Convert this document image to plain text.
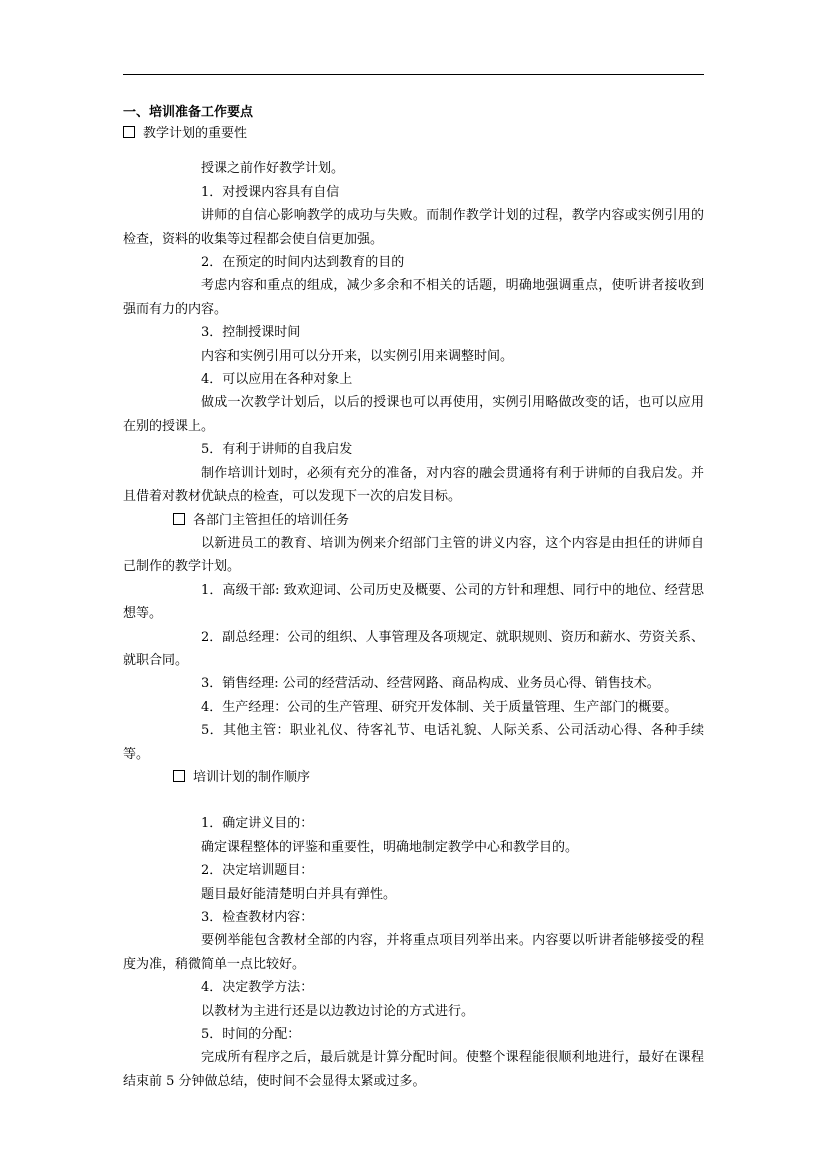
一、培训准备工作要点

教学计划的重要性

授课之前作好教学计划。

1．对授课内容具有自信

讲师的自信心影响教学的成功与失败。而制作教学计划的过程，教学内容或实例引用的检查，资料的收集等过程都会使自信更加强。

2．在预定的时间内达到教育的目的

考虑内容和重点的组成，减少多余和不相关的话题，明确地强调重点，使听讲者接收到强而有力的内容。

3．控制授课时间

内容和实例引用可以分开来，以实例引用来调整时间。

4．可以应用在各种对象上

做成一次教学计划后，以后的授课也可以再使用，实例引用略做改变的话，也可以应用在别的授课上。

5．有利于讲师的自我启发

制作培训计划时，必须有充分的准备，对内容的融会贯通将有利于讲师的自我启发。并且借着对教材优缺点的检查，可以发现下一次的启发目标。

各部门主管担任的培训任务

以新进员工的教育、培训为例来介绍部门主管的讲义内容，这个内容是由担任的讲师自己制作的教学计划。

1．高级干部: 致欢迎词、公司历史及概要、公司的方针和理想、同行中的地位、经营思想等。

2．副总经理：公司的组织、人事管理及各项规定、就职规则、资历和薪水、劳资关系、就职合同。

3．销售经理: 公司的经营活动、经营网路、商品构成、业务员心得、销售技术。

4．生产经理：公司的生产管理、研究开发体制、关于质量管理、生产部门的概要。

5．其他主管：职业礼仪、待客礼节、电话礼貌、人际关系、公司活动心得、各种手续等。

培训计划的制作顺序

1．确定讲义目的：

确定课程整体的评鉴和重要性，明确地制定教学中心和教学目的。

2．决定培训题目：

题目最好能清楚明白并具有弹性。

3．检查教材内容：

要例举能包含教材全部的内容，并将重点项目列举出来。内容要以听讲者能够接受的程度为准，稍微简单一点比较好。

4．决定教学方法：

以教材为主进行还是以边教边讨论的方式进行。

5．时间的分配：

完成所有程序之后，最后就是计算分配时间。使整个课程能很顺利地进行，最好在课程结束前 5 分钟做总结，使时间不会显得太紧或过多。
